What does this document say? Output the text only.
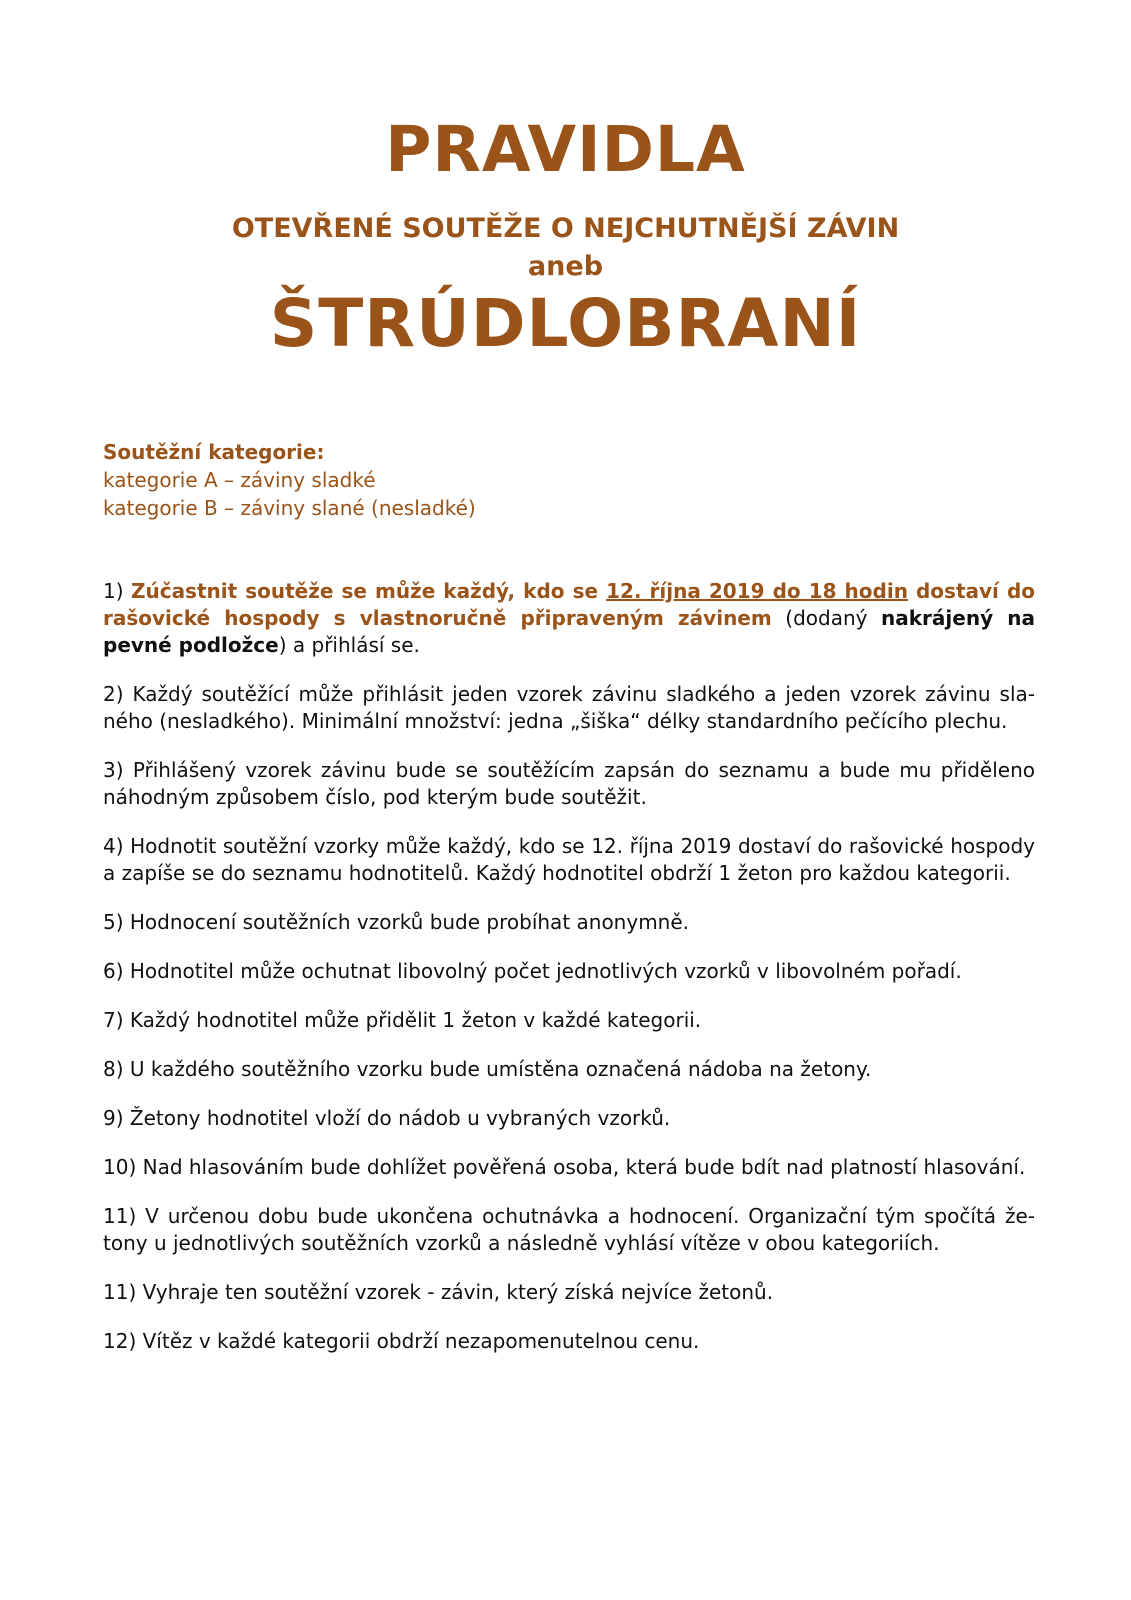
PRAVIDLA
OTEVŘENÉ SOUTĚŽE O NEJCHUTNĚJŠÍ ZÁVIN
aneb
ŠTRÚDLOBRANÍ
Soutěžní kategorie:
kategorie A – záviny sladké
kategorie B – záviny slané (nesladké)

1) Zúčastnit soutěže se může každý, kdo se 12. října 2019 do 18 hodin dostaví do rašovické hospody s vlastnoručně připraveným závinem (dodaný nakrájený na pevné podložce) a přihlásí se.

2) Každý soutěžící může přihlásit jeden vzorek závinu sladkého a jeden vzorek závinu slaného (nesladkého). Minimální množství: jedna „šiška“ délky standardního pečícího plechu.

3) Přihlášený vzorek závinu bude se soutěžícím zapsán do seznamu a bude mu přiděleno náhodným způsobem číslo, pod kterým bude soutěžit.

4) Hodnotit soutěžní vzorky může každý, kdo se 12. října 2019 dostaví do rašovické hospody a zapíše se do seznamu hodnotitelů. Každý hodnotitel obdrží 1 žeton pro každou kategorii.

5) Hodnocení soutěžních vzorků bude probíhat anonymně.

6) Hodnotitel může ochutnat libovolný počet jednotlivých vzorků v libovolném pořadí.

7) Každý hodnotitel může přidělit 1 žeton v každé kategorii.

8) U každého soutěžního vzorku bude umístěna označená nádoba na žetony.

9) Žetony hodnotitel vloží do nádob u vybraných vzorků.

10) Nad hlasováním bude dohlížet pověřená osoba, která bude bdít nad platností hlasování.

11) V určenou dobu bude ukončena ochutnávka a hodnocení. Organizační tým spočítá žetony u jednotlivých soutěžních vzorků a následně vyhlásí vítěze v obou kategoriích.

11) Vyhraje ten soutěžní vzorek - závin, který získá nejvíce žetonů.

12) Vítěz v každé kategorii obdrží nezapomenutelnou cenu.
